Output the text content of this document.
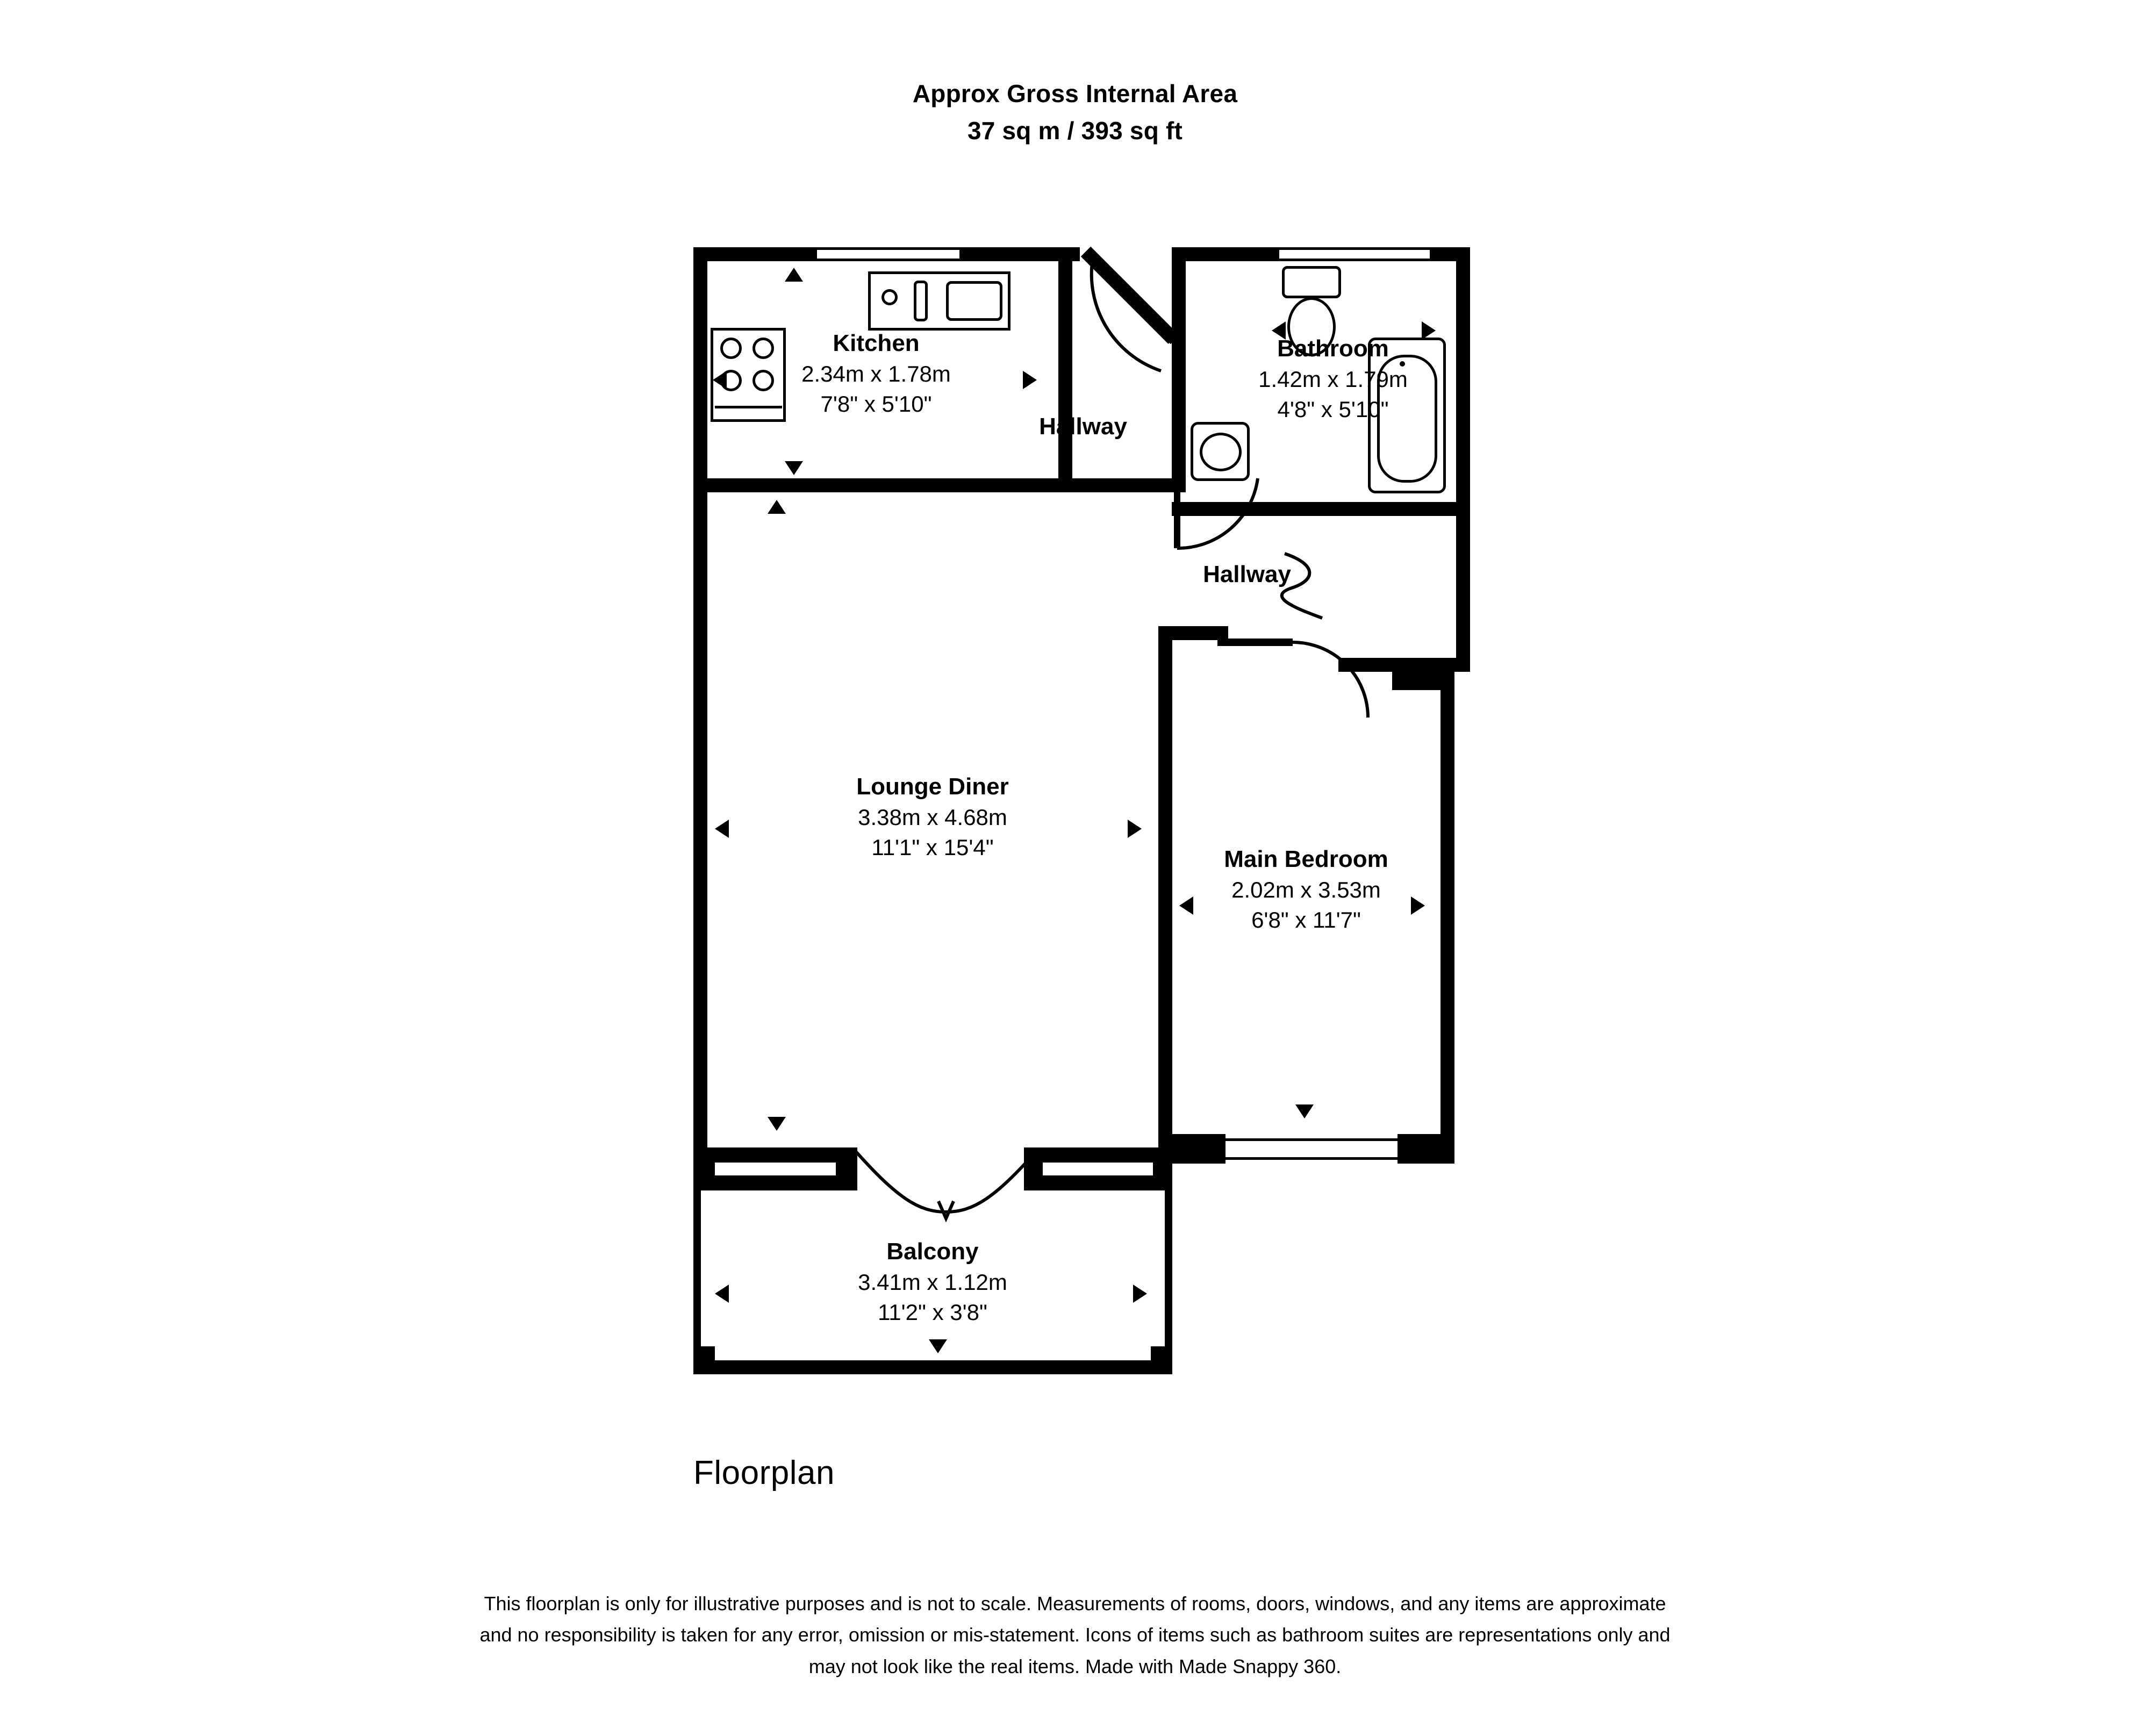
Approx Gross Internal Area
37 sq m / 393 sq ft
Kitchen
2.34m x 1.78m
7'8" x 5'10"
Hallway
Bathroom
1.42m x 1.79m
4'8" x 5'10"
Lounge Diner
3.38m x 4.68m
11'1" x 15'4"
Hallway
Main Bedroom
2.02m x 3.53m
6'8" x 11'7"
Balcony
3.41m x 1.12m
11'2" x 3'8"
Floorplan
This floorplan is only for illustrative purposes and is not to scale. Measurements of rooms, doors, windows, and any items are approximate
and no responsibility is taken for any error, omission or mis-statement. Icons of items such as bathroom suites are representations only and
may not look like the real items. Made with Made Snappy 360.
